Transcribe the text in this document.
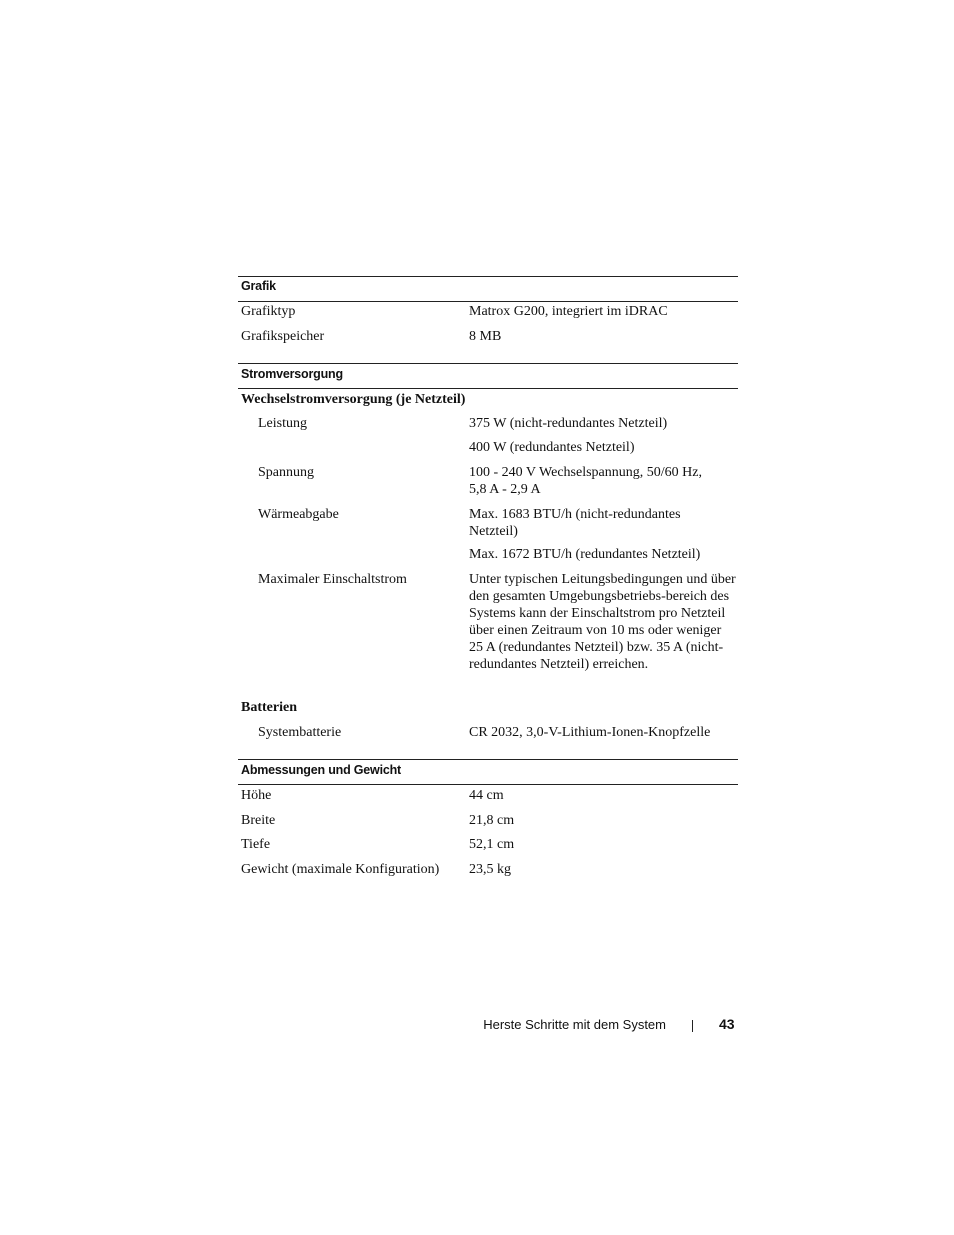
Grafik
Grafiktyp	Matrox G200, integriert im iDRAC
Grafikspeicher	8 MB
Stromversorgung
Wechselstromversorgung (je Netzteil)
Leistung	375 W (nicht-redundantes Netzteil)
400 W (redundantes Netzteil)
Spannung	100 - 240 V Wechselspannung, 50/60 Hz, 5,8 A - 2,9 A
Wärmeabgabe	Max. 1683 BTU/h (nicht-redundantes Netzteil)
Max. 1672 BTU/h (redundantes Netzteil)
Maximaler Einschaltstrom	Unter typischen Leitungsbedingungen und über den gesamten Umgebungsbetriebs-bereich des Systems kann der Einschaltstrom pro Netzteil über einen Zeitraum von 10 ms oder weniger 25 A (redundantes Netzteil) bzw. 35 A (nicht-redundantes Netzteil) erreichen.
Batterien
Systembatterie	CR 2032, 3,0-V-Lithium-Ionen-Knopfzelle
Abmessungen und Gewicht
Höhe	44 cm
Breite	21,8 cm
Tiefe	52,1 cm
Gewicht (maximale Konfiguration) 23,5 kg
Herste Schritte mit dem System	43
